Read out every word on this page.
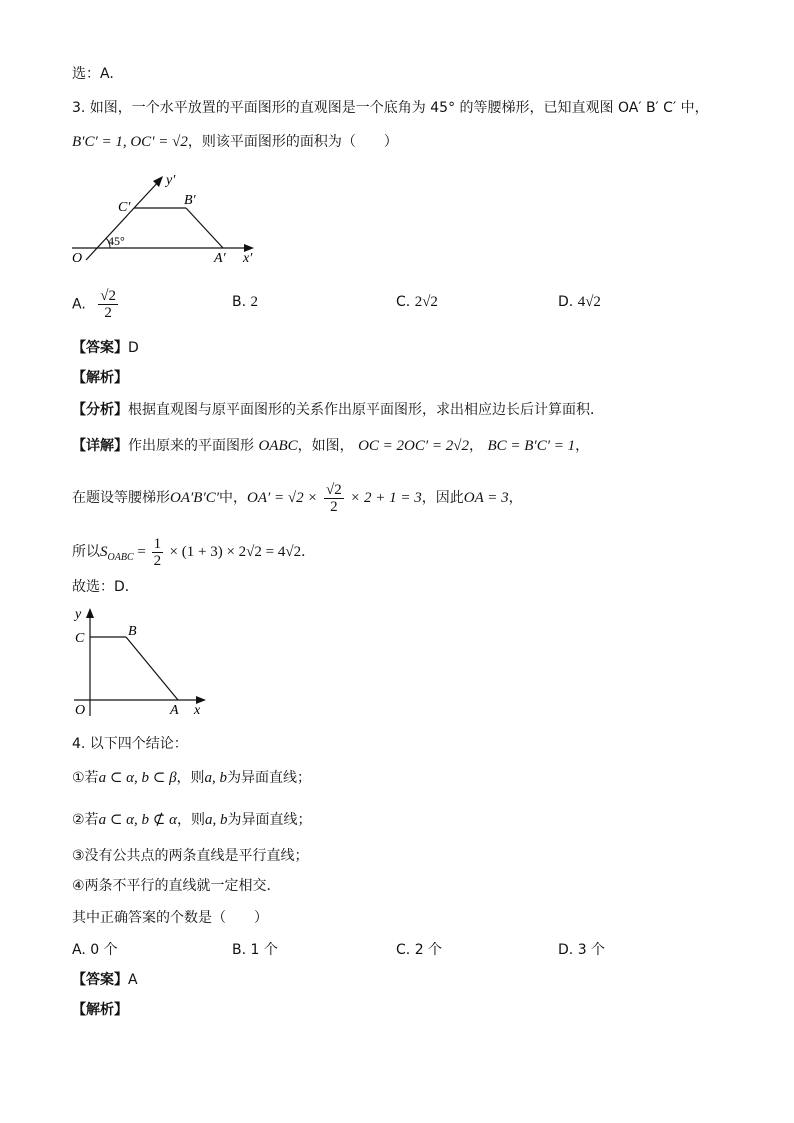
选：A.
3. 如图，一个水平放置的平面图形的直观图是一个底角为 45° 的等腰梯形，已知直观图 OA′ B′ C′ 中，
B′C′ = 1, OC′ = √2，则该平面图形的面积为（　　）
y′
C′	B′
45°
O	A′ x′
A. $\frac{√2}{2}$	B. 2	C. 2√2	D. 4√2
【答案】D
【解析】
【分析】根据直观图与原平面图形的关系作出原平面图形，求出相应边长后计算面积．
【详解】作出原来的平面图形 OABC，如图， OC = 2OC′ = 2√2， BC = B′C′ = 1，
在题设等腰梯形OA′B′C′中，$OA' = √2 \times \frac{√2}{2} \times 2 + 1 = 3$，因此OA = 3，
所以$S_{OABC} = \frac{1}{2} \times (1 + 3) \times 2√2 = 4√2$．
故选：D．
y
C	B
O	A x
4. 以下四个结论：
①若a ⊂ α, b ⊂ β，则a, b为异面直线；
②若a ⊂ α, b ⊄ α，则a, b为异面直线；
③没有公共点的两条直线是平行直线；
④两条不平行的直线就一定相交．
其中正确答案的个数是（　　）
A. 0 个	B. 1 个	C. 2 个	D. 3 个
【答案】A
【解析】
